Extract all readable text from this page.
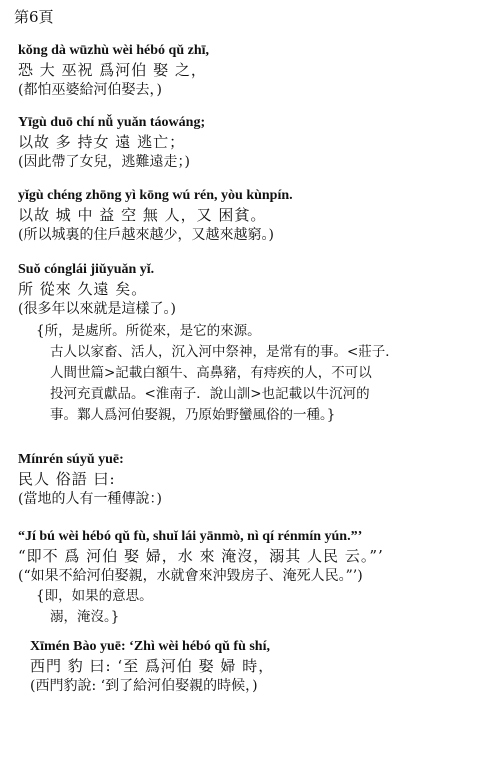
第6頁
kǒng dà wūzhù wèi hébó qǔ zhī,
恐 大 巫祝 爲河伯 娶 之，
(都怕巫婆給河伯娶去，)
Yīgù duō chí nǚ yuǎn táowáng;
以故 多 持女 遠 逃亡；
(因此帶了女兒，逃難遠走；)
yǐgù chéng zhōng yì kōng wú rén, yòu kùnpín.
以故 城 中 益 空 無 人，又 困貧。
(所以城裏的住戶越來越少，又越來越窮。)
Suǒ cónglái jiǔyuǎn yǐ.
所 從來 久遠 矣。
(很多年以來就是這樣了。)
{所，是處所。所從來，是它的來源。
古人以家畜、活人，沉入河中祭神，是常有的事。<莊子．
人間世篇>記載白額牛、高鼻豬，有痔疾的人，不可以
投河充貢獻品。<淮南子．說山訓>也記載以牛沉河的
事。鄴人爲河伯娶親，乃原始野蠻風俗的一種。}
Mínrén súyǔ yuē:
民人 俗語 曰:
(當地的人有一種傳說：)
“Jí bú wèi hébó qǔ fù, shuǐ lái yānmò, nì qí rénmín yún.”’
“即不 爲 河伯 娶 婦，水 來 淹沒，溺其 人民 云。”’
(“如果不給河伯娶親，水就會來沖毀房子、淹死人民。”’)
{即，如果的意思。
溺，淹沒。}
Xīmén Bào yuē: ‘Zhì wèi hébó qǔ fù shí,
西門 豹 曰: ‘至 爲河伯 娶 婦 時，
(西門豹說: ‘到了給河伯娶親的時候，)
